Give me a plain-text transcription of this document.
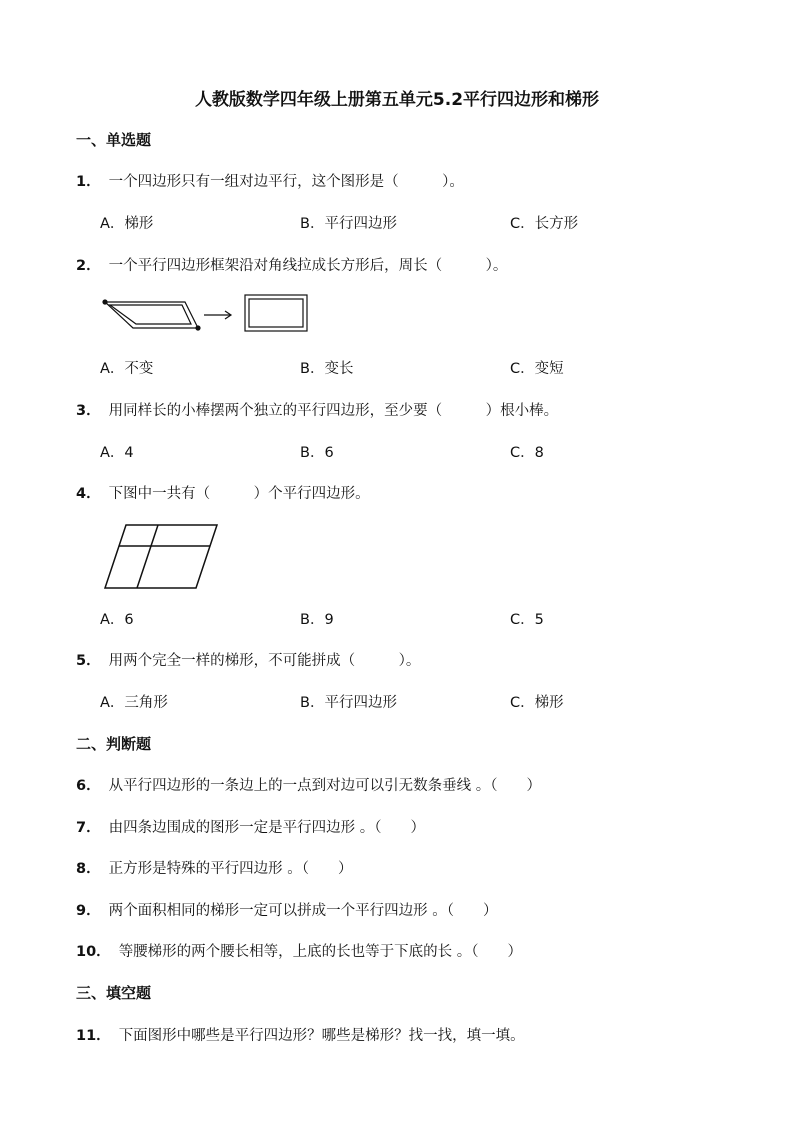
人教版数学四年级上册第五单元5.2平行四边形和梯形
一、单选题
1． 一个四边形只有一组对边平行，这个图形是（　　　）。
A．梯形	B．平行四边形	C．长方形
2． 一个平行四边形框架沿对角线拉成长方形后，周长（　　　）。
A．不变	B．变长	C．变短
3． 用同样长的小棒摆两个独立的平行四边形，至少要（　　　）根小棒。
A．4	B．6	C．8
4． 下图中一共有（　　　）个平行四边形。
A．6	B．9	C．5
5． 用两个完全一样的梯形，不可能拼成（　　　）。
A．三角形	B．平行四边形	C．梯形
二、判断题
6． 从平行四边形的一条边上的一点到对边可以引无数条垂线 。（　　）
7． 由四条边围成的图形一定是平行四边形 。（　　）
8． 正方形是特殊的平行四边形 。（　　）
9． 两个面积相同的梯形一定可以拼成一个平行四边形 。（　　）
10． 等腰梯形的两个腰长相等，上底的长也等于下底的长 。（　　）
三、填空题
11． 下面图形中哪些是平行四边形？哪些是梯形？找一找，填一填。
